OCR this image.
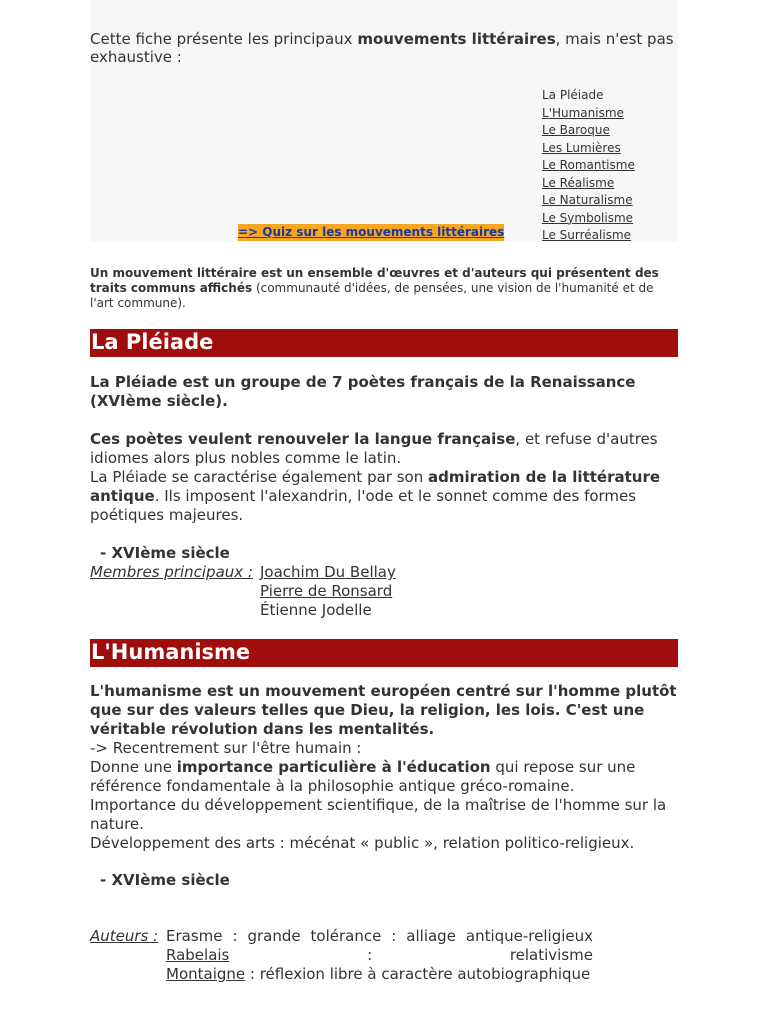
Cette fiche présente les principaux mouvements littéraires, mais n'est pas exhaustive :

La Pléiade
L'Humanisme
Le Baroque
Les Lumières
Le Romantisme
Le Réalisme
Le Naturalisme
Le Symbolisme
Le Surréalisme
=> Quiz sur les mouvements littéraires

Un mouvement littéraire est un ensemble d'œuvres et d'auteurs qui présentent des traits communs affichés (communauté d'idées, de pensées, une vision de l'humanité et de l'art commune).

La Pléiade

La Pléiade est un groupe de 7 poètes français de la Renaissance (XVIème siècle).

Ces poètes veulent renouveler la langue française, et refuse d'autres idiomes alors plus nobles comme le latin.
La Pléiade se caractérise également par son admiration de la littérature antique. Ils imposent l'alexandrin, l'ode et le sonnet comme des formes poétiques majeures.

- XVIème siècle

Membres principaux : Joachim Du Bellay
Pierre de Ronsard
Étienne Jodelle
L'Humanisme

L'humanisme est un mouvement européen centré sur l'homme plutôt que sur des valeurs telles que Dieu, la religion, les lois. C'est une véritable révolution dans les mentalités.

-> Recentrement sur l'être humain :
Donne une importance particulière à l'éducation qui repose sur une référence fondamentale à la philosophie antique gréco-romaine.
Importance du développement scientifique, de la maîtrise de l'homme sur la nature.
Développement des arts : mécénat « public », relation politico-religieux.

- XVIème siècle

Auteurs : Erasme : grande tolérance : alliage antique-religieux
Rabelais : relativisme
Montaigne : réflexion libre à caractère autobiographique
